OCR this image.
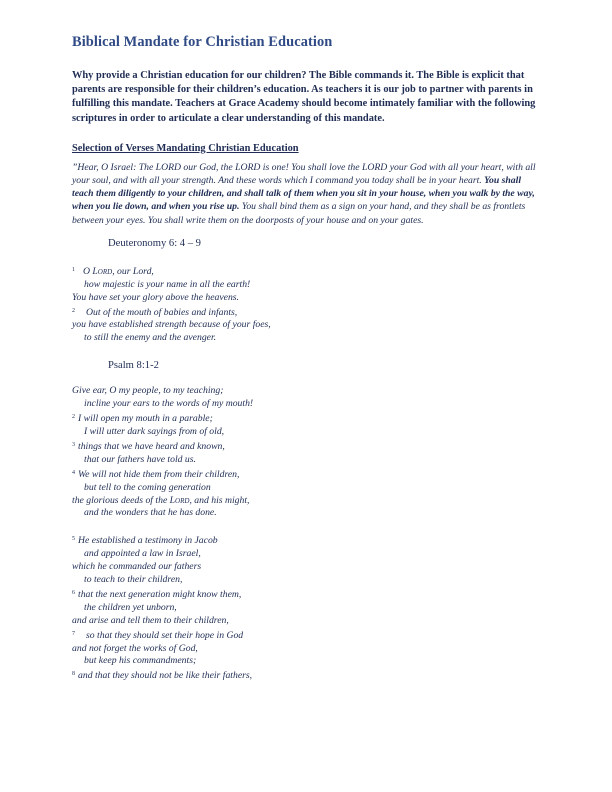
Biblical Mandate for Christian Education

Why provide a Christian education for our children? The Bible commands it. The Bible is explicit that parents are responsible for their children’s education. As teachers it is our job to partner with parents in fulfilling this mandate. Teachers at Grace Academy should become intimately familiar with the following scriptures in order to articulate a clear understanding of this mandate.

Selection of Verses Mandating Christian Education

”Hear, O Israel: The LORD our God, the LORD is one! You shall love the LORD your God with all your heart, with all your soul, and with all your strength. And these words which I command you today shall be in your heart. You shall teach them diligently to your children, and shall talk of them when you sit in your house, when you walk by the way, when you lie down, and when you rise up. You shall bind them as a sign on your hand, and they shall be as frontlets between your eyes. You shall write them on the doorposts of your house and on your gates.

Deuteronomy 6: 4 – 9

$^1$ O Lord, our Lord,
how majestic is your name in all the earth!
You have set your glory above the heavens.
$^2$ Out of the mouth of babies and infants,
you have established strength because of your foes,
to still the enemy and the avenger.

Psalm 8:1-2

Give ear, O my people, to my teaching;
incline your ears to the words of my mouth!
$^2$ I will open my mouth in a parable;
I will utter dark sayings from of old,
$^3$ things that we have heard and known,
that our fathers have told us.
$^4$ We will not hide them from their children,
but tell to the coming generation
the glorious deeds of the Lord, and his might,
and the wonders that he has done.
$^5$ He established a testimony in Jacob
and appointed a law in Israel,
which he commanded our fathers
to teach to their children,
$^6$ that the next generation might know them,
the children yet unborn,
and arise and tell them to their children,
$^7$ so that they should set their hope in God
and not forget the works of God,
but keep his commandments;
$^8$ and that they should not be like their fathers,
